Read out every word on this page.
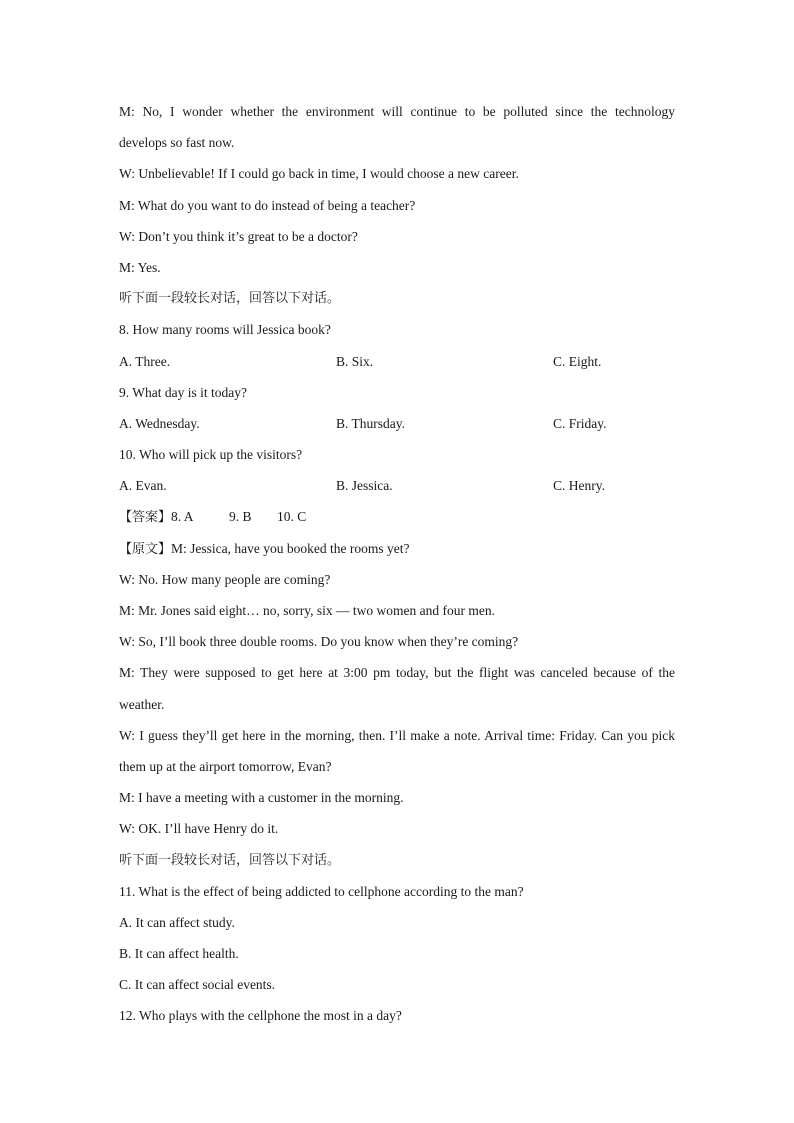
M: No, I wonder whether the environment will continue to be polluted since the technology
develops so fast now.
W: Unbelievable! If I could go back in time, I would choose a new career.
M: What do you want to do instead of being a teacher?
W: Don’t you think it’s great to be a doctor?
M: Yes.
听下面一段较长对话，回答以下对话。
8. How many rooms will Jessica book?
A. Three.	B. Six.	C. Eight.
9. What day is it today?
A. Wednesday.	B. Thursday.	C. Friday.
10. Who will pick up the visitors?
A. Evan.	B. Jessica.	C. Henry.
【答案】8. A	9. B 10. C
【原文】M: Jessica, have you booked the rooms yet?
W: No. How many people are coming?
M: Mr. Jones said eight… no, sorry, six — two women and four men.
W: So, I’ll book three double rooms. Do you know when they’re coming?
M: They were supposed to get here at 3:00 pm today, but the flight was canceled because of the
weather.
W: I guess they’ll get here in the morning, then. I’ll make a note. Arrival time: Friday. Can you pick
them up at the airport tomorrow, Evan?
M: I have a meeting with a customer in the morning.
W: OK. I’ll have Henry do it.
听下面一段较长对话，回答以下对话。
11. What is the effect of being addicted to cellphone according to the man?
A. It can affect study.
B. It can affect health.
C. It can affect social events.
12. Who plays with the cellphone the most in a day?
